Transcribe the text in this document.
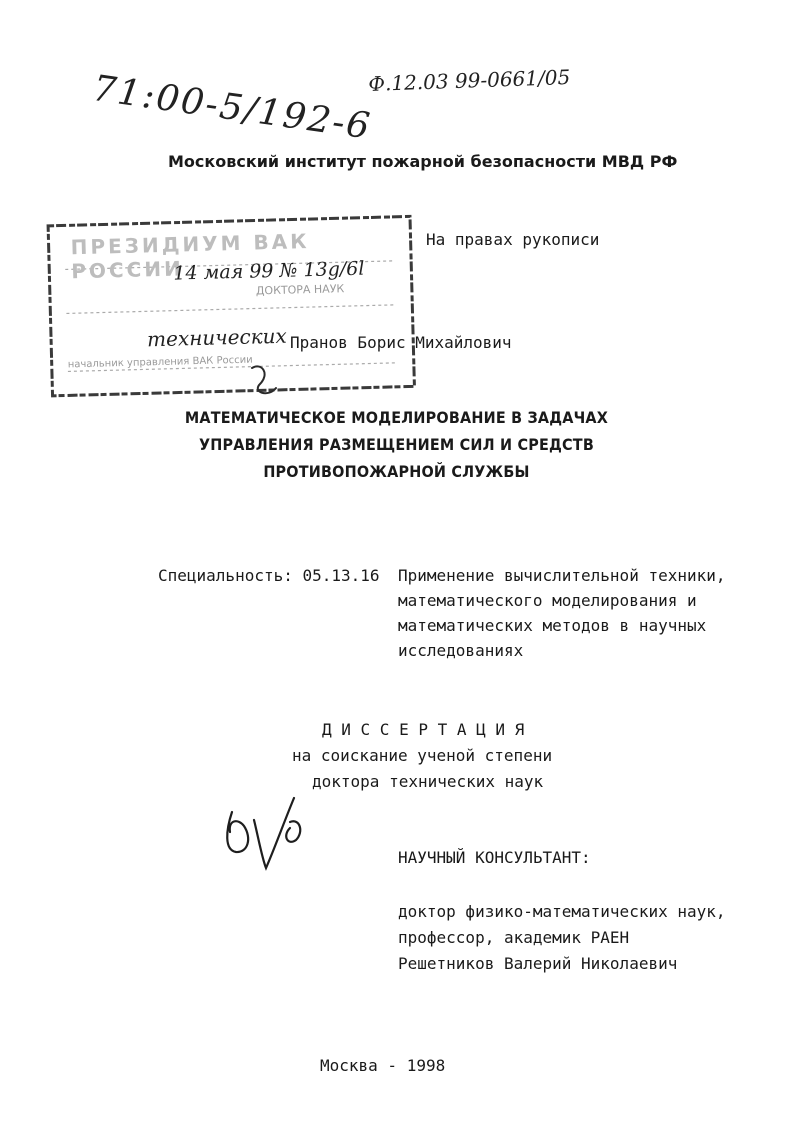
71:00-5/192-6
Ф.12.03 99-0661/05
Московский институт пожарной безопасности МВД РФ
ПРЕЗИДИУМ ВАК РОССИИ
ДОКТОРА НАУК
начальник управления ВАК России
14 мая 99 № 13g/6l
технических
На правах рукописи
Пранов Борис Михайлович
МАТЕМАТИЧЕСКОЕ МОДЕЛИРОВАНИЕ В ЗАДАЧАХ
УПРАВЛЕНИЯ РАЗМЕЩЕНИЕМ СИЛ И СРЕДСТВ
ПРОТИВОПОЖАРНОЙ СЛУЖБЫ
Специальность: 05.13.16 Применение вычислительной техники,
математического моделирования и
математических методов в научных
исследованиях
Д И С С Е Р Т А Ц И Я
на соискание ученой степени
доктора технических наук
НАУЧНЫЙ КОНСУЛЬТАНТ:
доктор физико-математических наук,
профессор, академик РАЕН
Решетников Валерий Николаевич
Москва - 1998
